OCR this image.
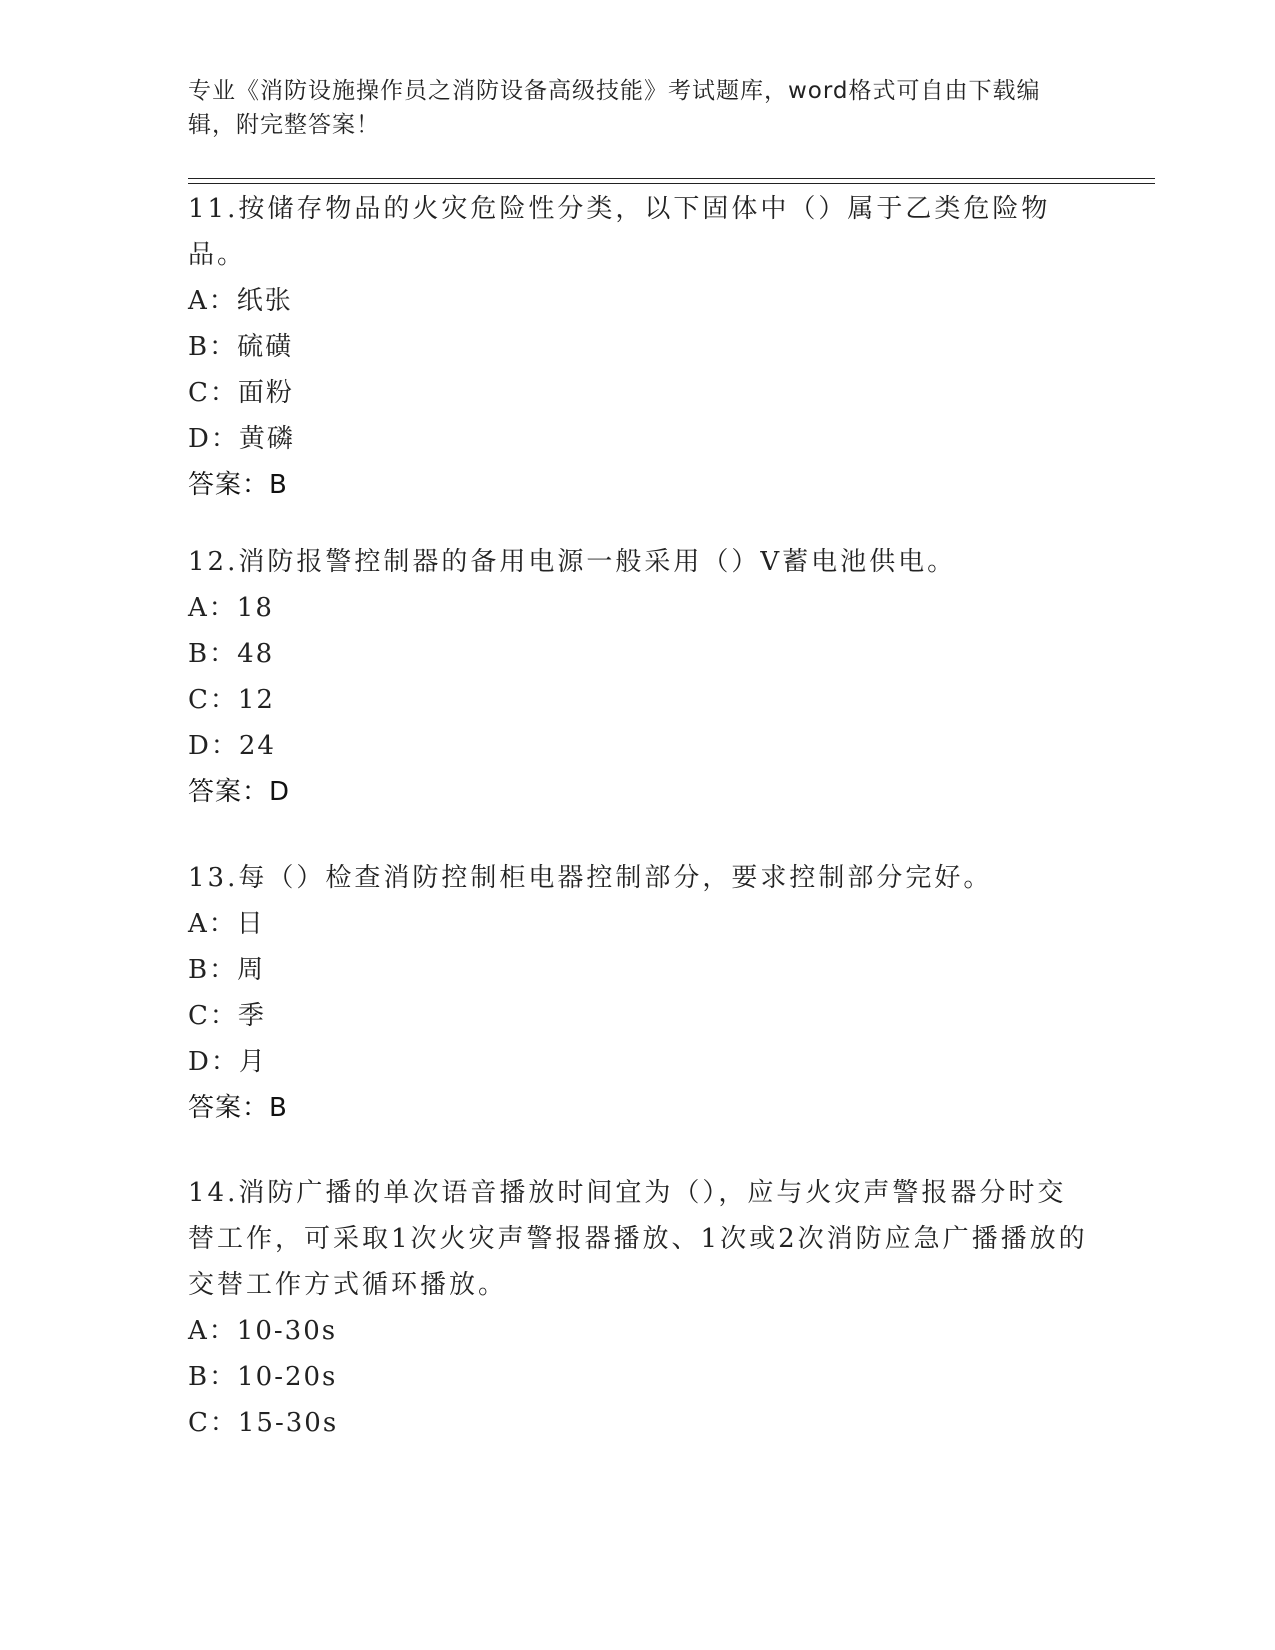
专业《消防设施操作员之消防设备高级技能》考试题库，word格式可自由下载编辑，附完整答案！

11.按储存物品的火灾危险性分类，以下固体中（）属于乙类危险物品。

A：纸张

B：硫磺

C：面粉

D：黄磷

答案：B

12.消防报警控制器的备用电源一般采用（）V蓄电池供电。

A：18

B：48

C：12

D：24

答案：D

13.每（）检查消防控制柜电器控制部分，要求控制部分完好。

A：日

B：周

C：季

D：月

答案：B

14.消防广播的单次语音播放时间宜为（），应与火灾声警报器分时交替工作，可采取1次火灾声警报器播放、1次或2次消防应急广播播放的交替工作方式循环播放。

A：10-30s

B：10-20s

C：15-30s
